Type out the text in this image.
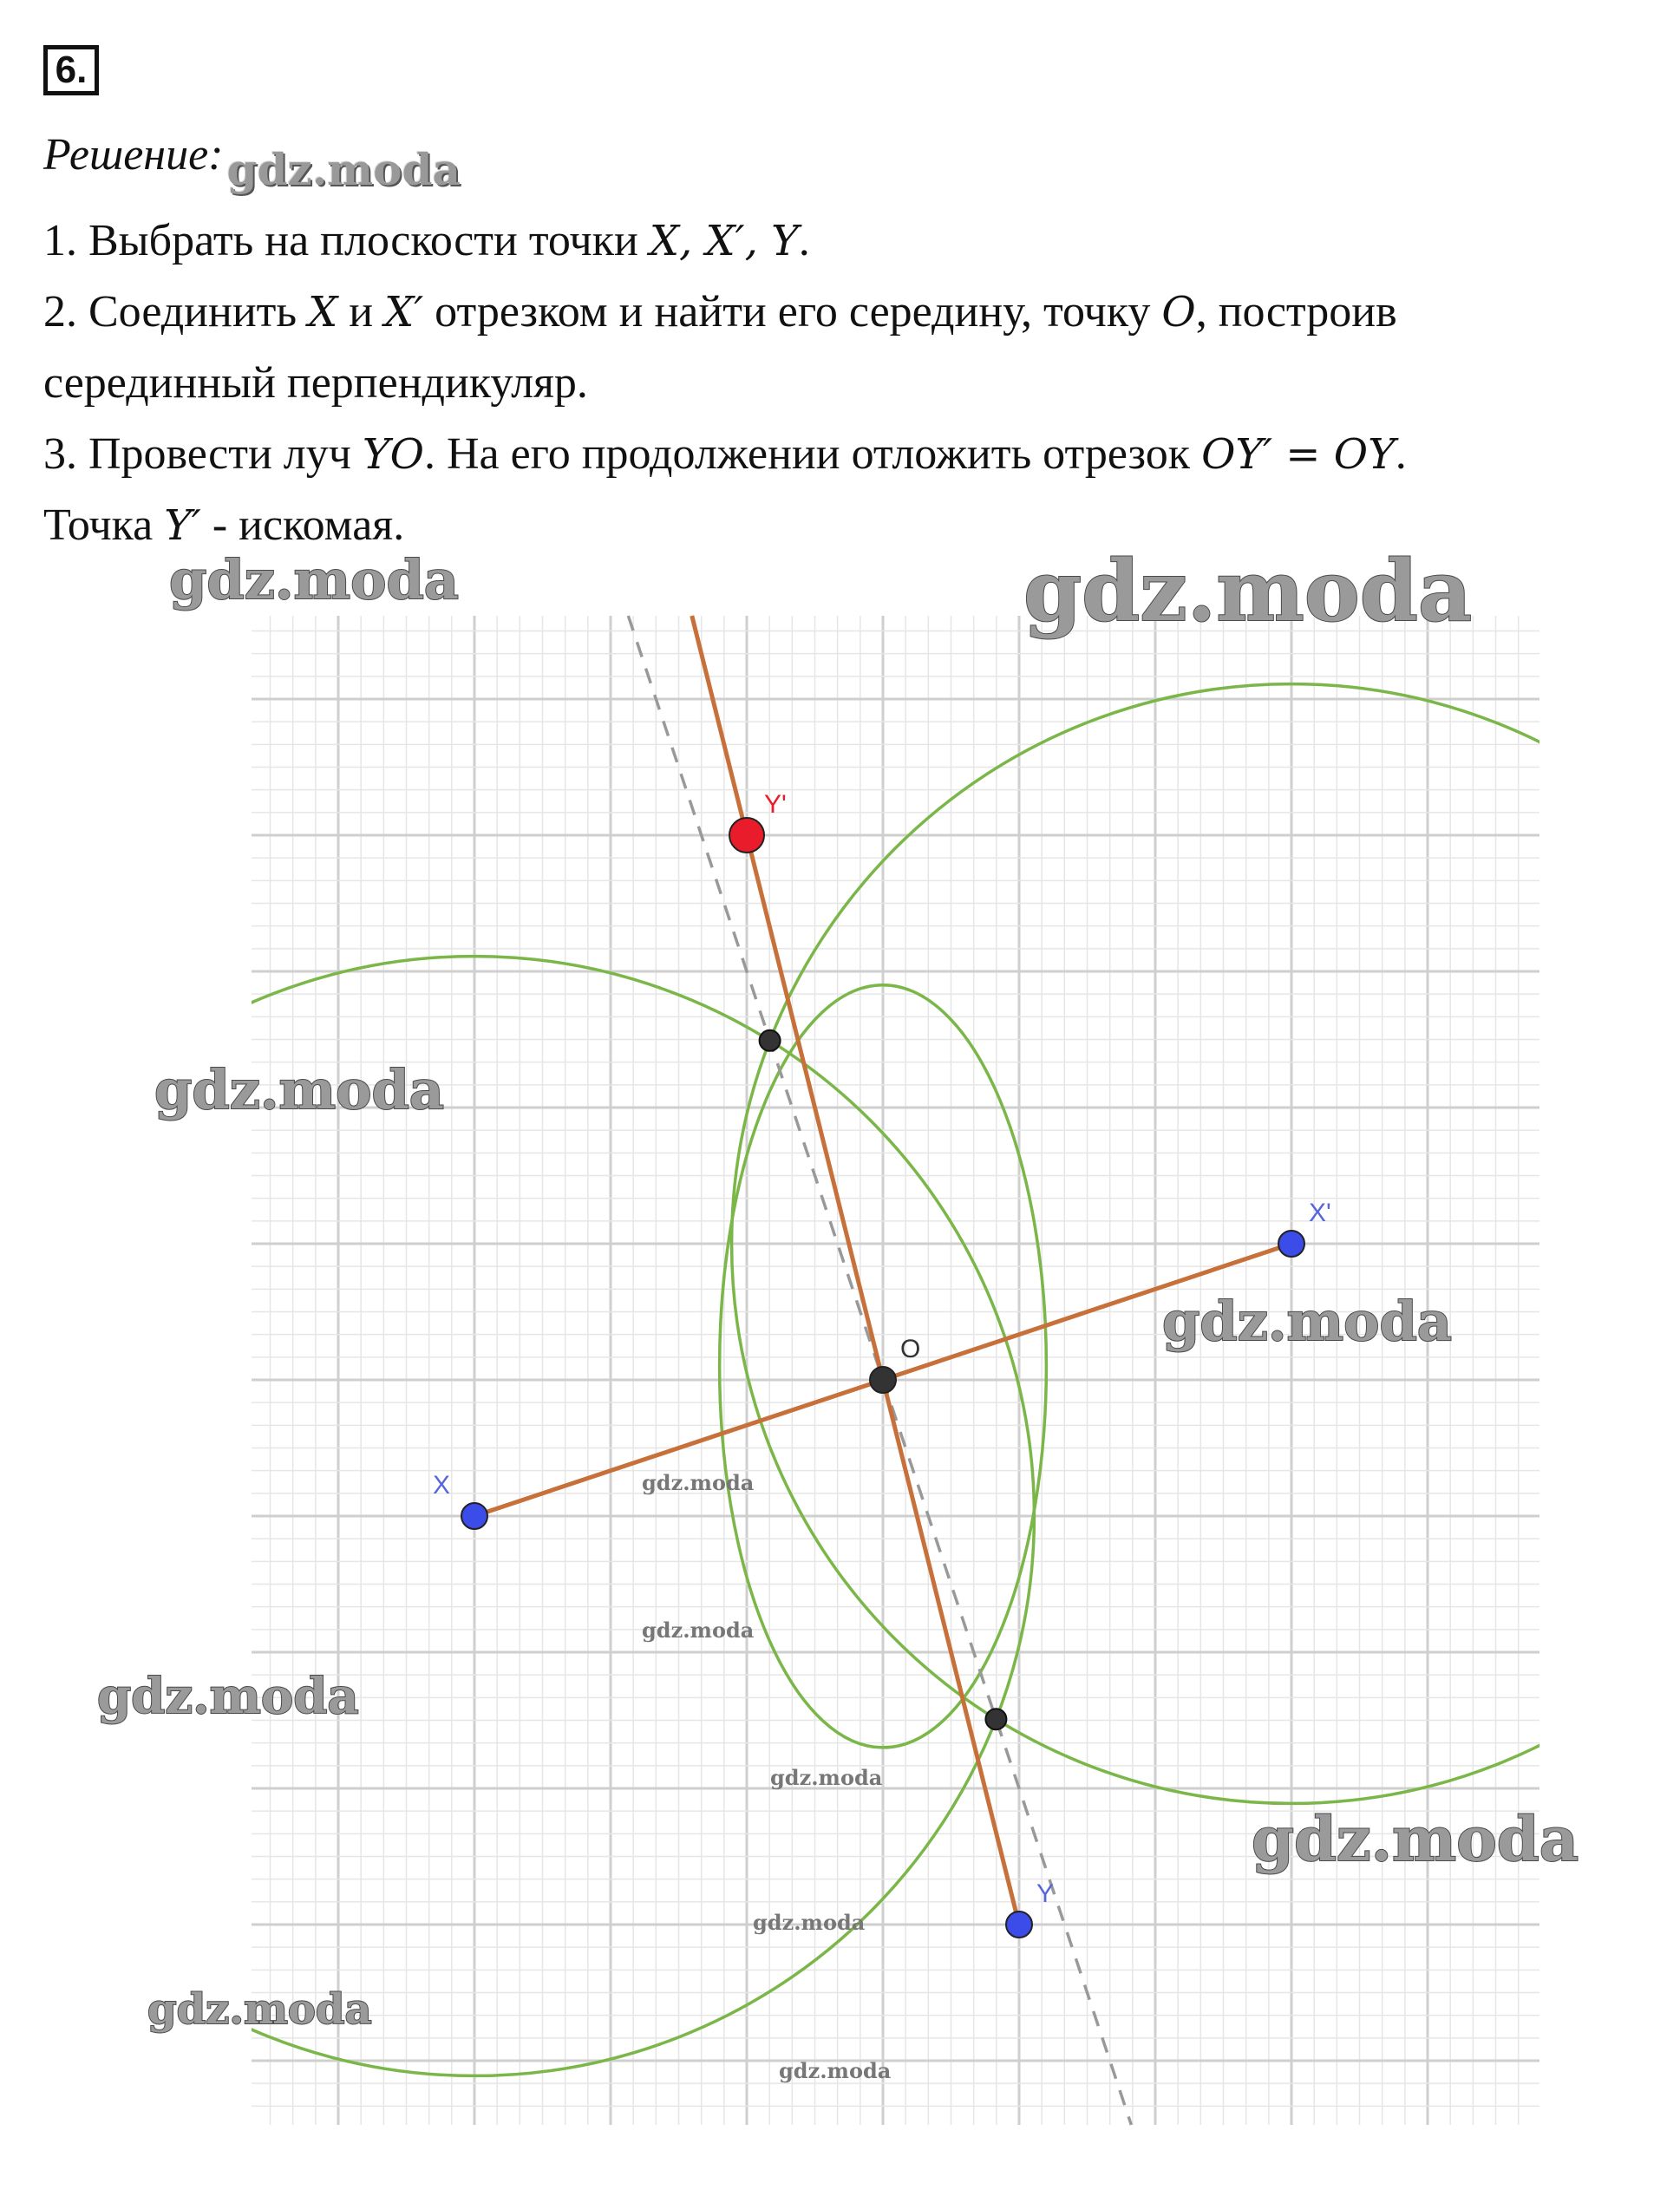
6.

Решение:gdz.moda

1. Выбрать на плоскости точки X, X′, Y.

2. Соединить X и X′ отрезком и найти его середину, точку O, построив серединный перпендикуляр.

3. Провести луч YO. На его продолжении отложить отрезок OY′ = OY.

Точка Y′ - искомая.

X
X'
O
Y
Y'
gdz.moda	gdz.moda
gdz.moda
gdz.moda
gdz.moda
gdz.moda
gdz.moda
gdz.moda
gdz.moda
gdz.moda
gdz.moda
gdz.moda
